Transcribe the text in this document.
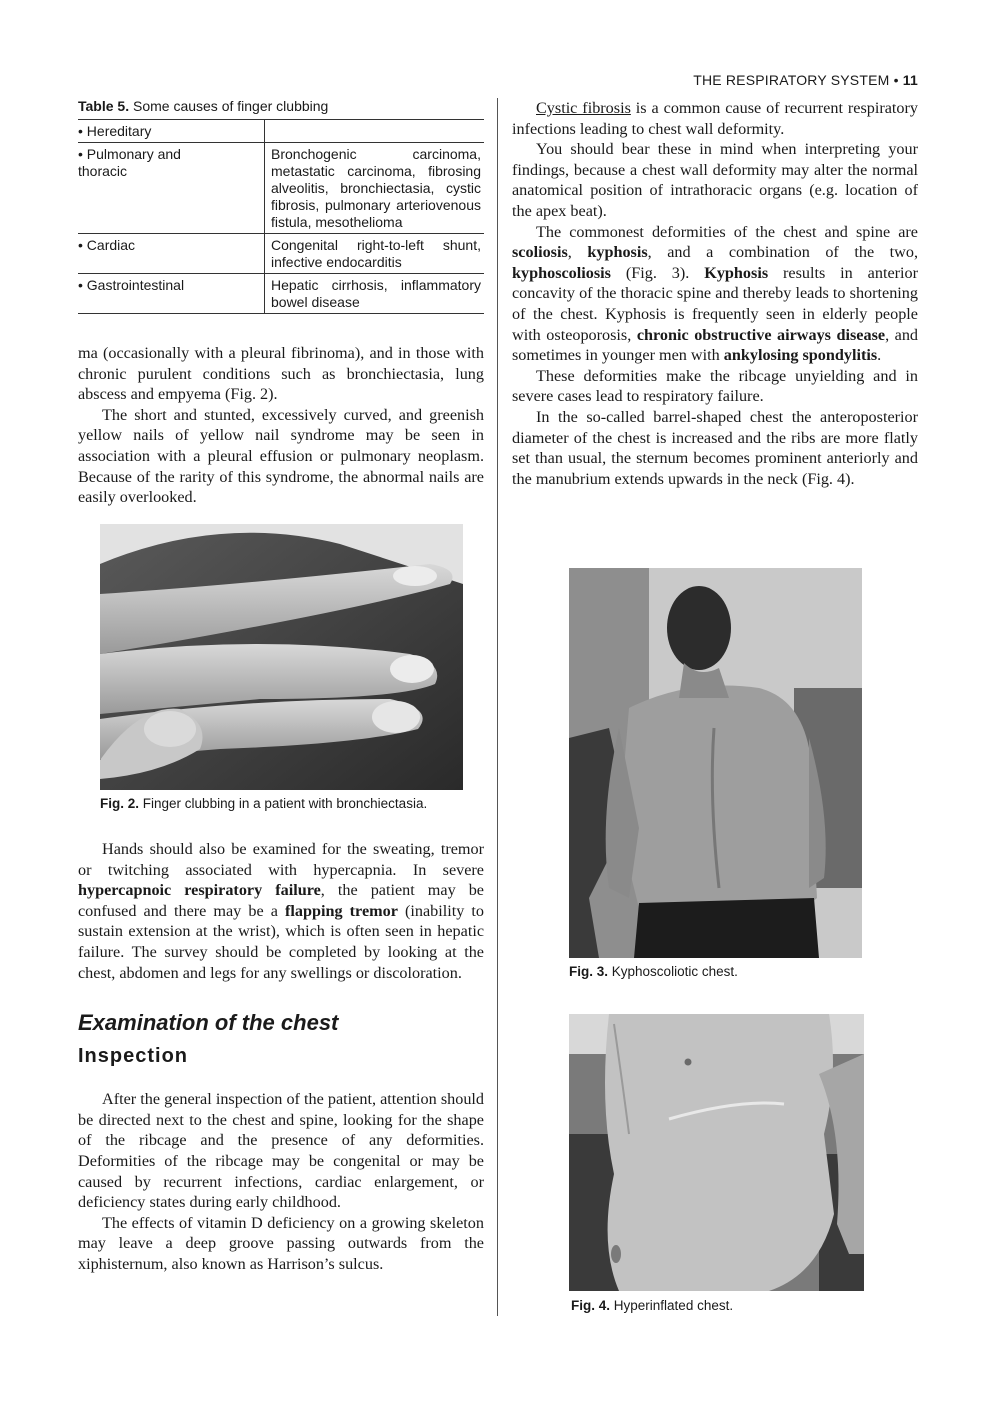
THE RESPIRATORY SYSTEM • 11
Table 5. Some causes of finger clubbing
• Hereditary	
• Pulmonary and thoracic	Bronchogenic carcinoma, metastatic carcinoma, fibrosing alveolitis, bronchiectasia, cystic fibrosis, pulmonary arteriovenous fistula, mesothelioma
• Cardiac	Congenital right-to-left shunt, infective endocarditis
• Gastrointestinal	Hepatic cirrhosis, inflammatory bowel disease

ma (occasionally with a pleural fibrinoma), and in those with chronic purulent conditions such as bronchiectasia, lung abscess and empyema (Fig. 2).

The short and stunted, excessively curved, and greenish yellow nails of yellow nail syndrome may be seen in association with a pleural effusion or pulmonary neoplasm. Because of the rarity of this syndrome, the abnormal nails are easily overlooked.

Fig. 2. Finger clubbing in a patient with bronchiectasia.

Hands should also be examined for the sweating, tremor or twitching associated with hypercapnia. In severe hypercapnoic respiratory failure, the patient may be confused and there may be a flapping tremor (inability to sustain extension at the wrist), which is often seen in hepatic failure. The survey should be completed by looking at the chest, abdomen and legs for any swellings or discoloration.

Examination of the chest
Inspection

After the general inspection of the patient, attention should be directed next to the chest and spine, looking for the shape of the ribcage and the presence of any deformities. Deformities of the ribcage may be congenital or may be caused by recurrent infections, cardiac enlargement, or deficiency states during early childhood.

The effects of vitamin D deficiency on a growing skeleton may leave a deep groove passing outwards from the xiphisternum, also known as Harrison’s sulcus.

Cystic fibrosis is a common cause of recurrent respiratory infections leading to chest wall deformity.

You should bear these in mind when interpreting your findings, because a chest wall deformity may alter the normal anatomical position of intrathoracic organs (e.g. location of the apex beat).

The commonest deformities of the chest and spine are scoliosis, kyphosis, and a combination of the two, kyphoscoliosis (Fig. 3). Kyphosis results in anterior concavity of the thoracic spine and thereby leads to shortening of the chest. Kyphosis is frequently seen in elderly people with osteoporosis, chronic obstructive airways disease, and sometimes in younger men with ankylosing spondylitis.

These deformities make the ribcage unyielding and in severe cases lead to respiratory failure.

In the so-called barrel-shaped chest the anteroposterior diameter of the chest is increased and the ribs are more flatly set than usual, the sternum becomes prominent anteriorly and the manubrium extends upwards in the neck (Fig. 4).

Fig. 3. Kyphoscoliotic chest.
Fig. 4. Hyperinflated chest.
